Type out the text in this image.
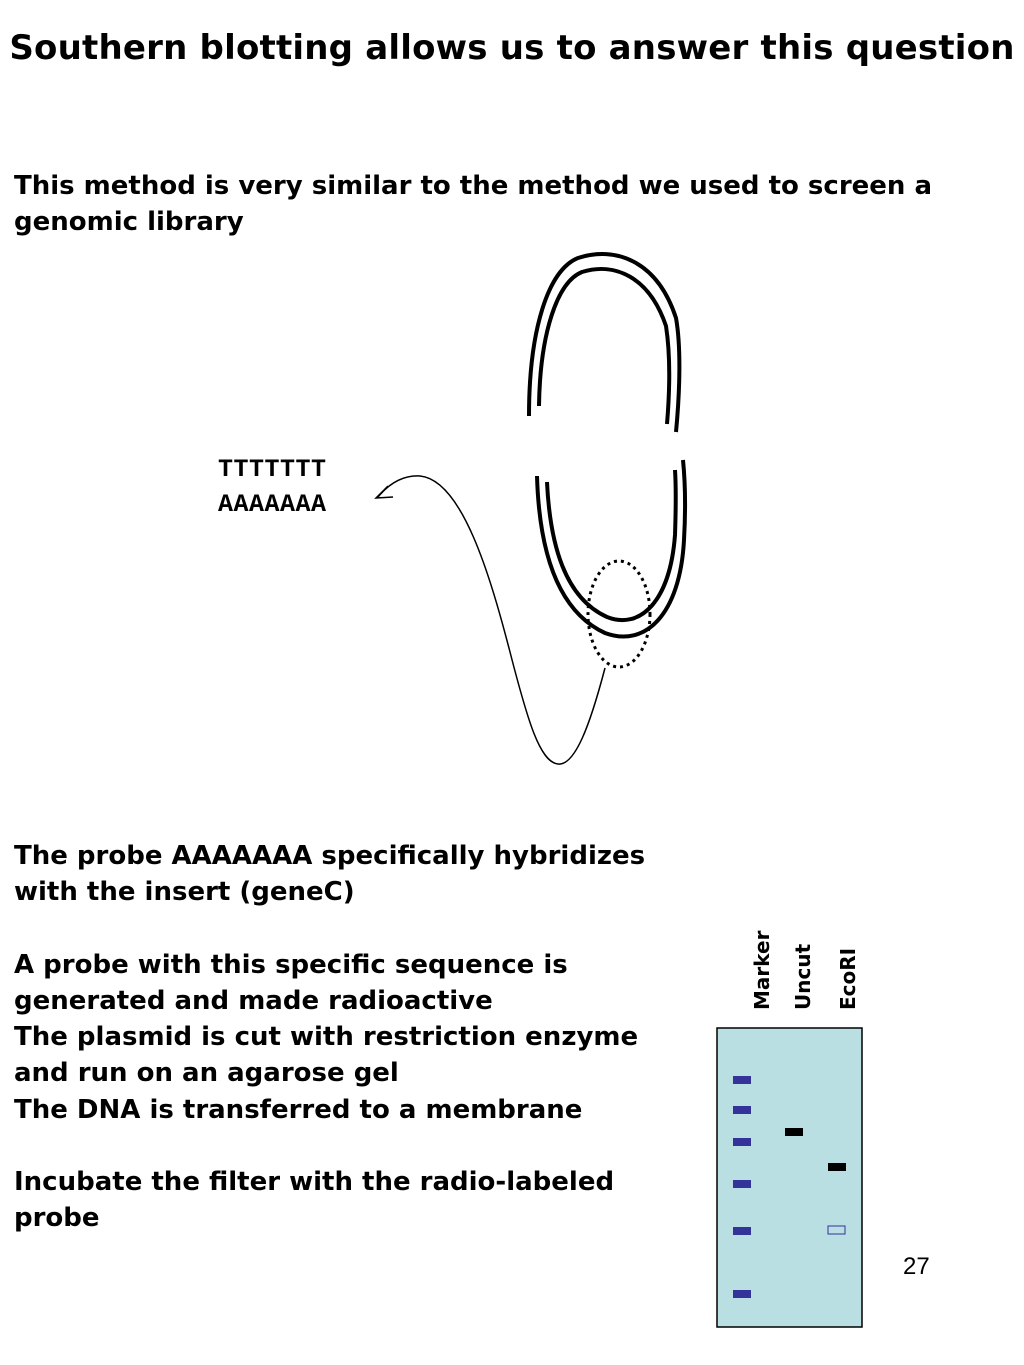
Southern blotting allows us to answer this question
This method is very similar to the method we used to screen a genomic library
TTTTTTT
AAAAAAA

The probe AAAAAAA specifically hybridizes with the insert (geneC)

A probe with this specific sequence is generated and made radioactive

The plasmid is cut with restriction enzyme and run on an agarose gel

The DNA is transferred to a membrane

Incubate the filter with the radio-labeled probe

Marker Uncut EcoRI
27
